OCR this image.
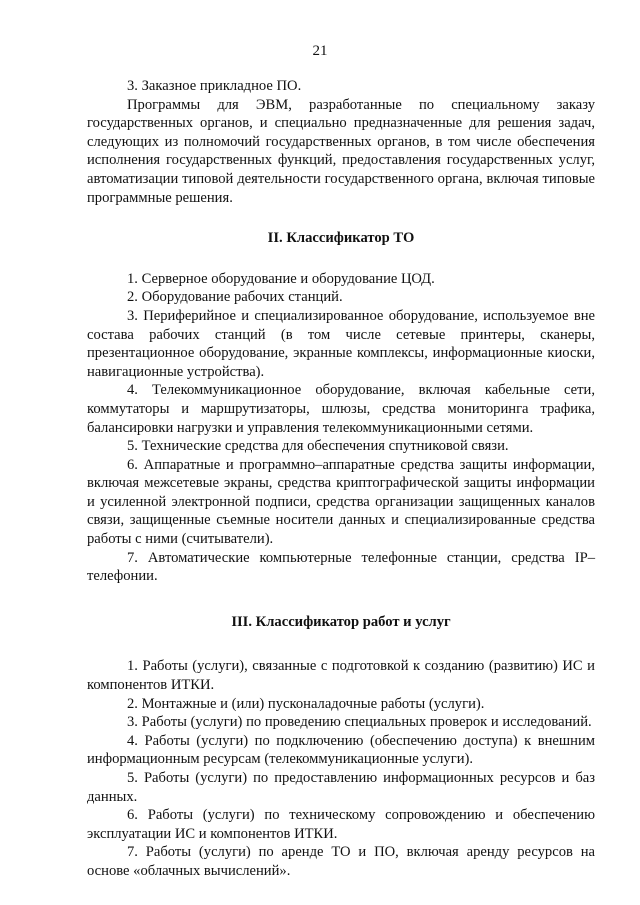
21

3. Заказное прикладное ПО.

Программы для ЭВМ, разработанные по специальному заказу государственных органов, и специально предназначенные для решения задач, следующих из полномочий государственных органов, в том числе обеспечения исполнения государственных функций, предоставления государственных услуг, автоматизации типовой деятельности государственного органа, включая типовые программные решения.

II. Классификатор ТО

1. Серверное оборудование и оборудование ЦОД.

2. Оборудование рабочих станций.

3. Периферийное и специализированное оборудование, используемое вне состава рабочих станций (в том числе сетевые принтеры, сканеры, презентационное оборудование, экранные комплексы, информационные киоски, навигационные устройства).

4. Телекоммуникационное оборудование, включая кабельные сети, коммутаторы и маршрутизаторы, шлюзы, средства мониторинга трафика, балансировки нагрузки и управления телекоммуникационными сетями.

5. Технические средства для обеспечения спутниковой связи.

6. Аппаратные и программно–аппаратные средства защиты информации, включая межсетевые экраны, средства криптографической защиты информации и усиленной электронной подписи, средства организации защищенных каналов связи, защищенные съемные носители данных и специализированные средства работы с ними (считыватели).

7. Автоматические компьютерные телефонные станции, средства IP–телефонии.

III. Классификатор работ и услуг

1. Работы (услуги), связанные с подготовкой к созданию (развитию) ИС и компонентов ИТКИ.

2. Монтажные и (или) пусконаладочные работы (услуги).

3. Работы (услуги) по проведению специальных проверок и исследований.

4. Работы (услуги) по подключению (обеспечению доступа) к внешним информационным ресурсам (телекоммуникационные услуги).

5. Работы (услуги) по предоставлению информационных ресурсов и баз данных.

6. Работы (услуги) по техническому сопровождению и обеспечению эксплуатации ИС и компонентов ИТКИ.

7. Работы (услуги) по аренде ТО и ПО, включая аренду ресурсов на основе «облачных вычислений».
